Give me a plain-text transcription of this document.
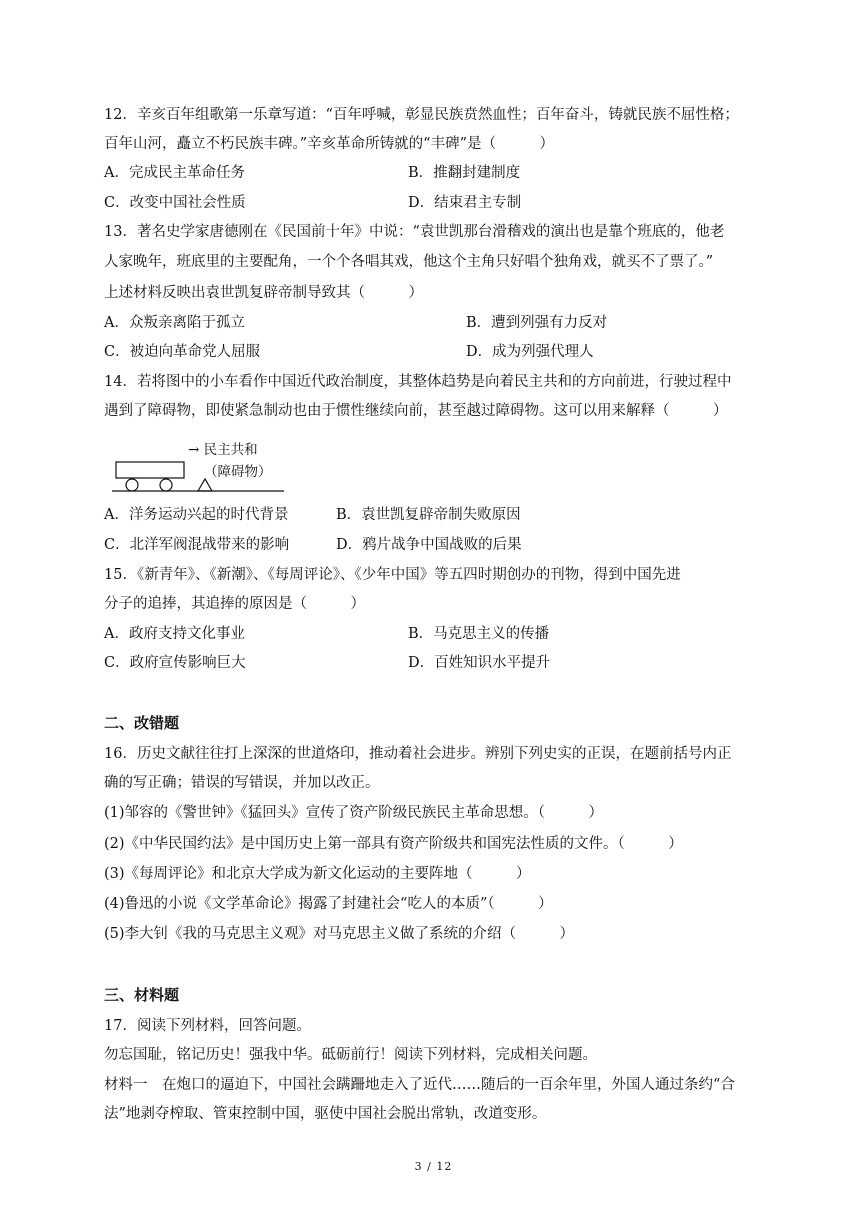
12．辛亥百年组歌第一乐章写道：“百年呼喊，彰显民族贲然血性；百年奋斗，铸就民族不屈性格；
百年山河，矗立不朽民族丰碑。”辛亥革命所铸就的“丰碑”是（　　　）
A．完成民主革命任务	B．推翻封建制度
C．改变中国社会性质	D．结束君主专制
13．著名史学家唐德刚在《民国前十年》中说：“袁世凯那台滑稽戏的演出也是靠个班底的，他老
人家晚年，班底里的主要配角，一个个各唱其戏，他这个主角只好唱个独角戏，就买不了票了。”
上述材料反映出袁世凯复辟帝制导致其（　　　）
A．众叛亲离陷于孤立	B．遭到列强有力反对
C．被迫向革命党人屈服	D．成为列强代理人
14．若将图中的小车看作中国近代政治制度，其整体趋势是向着民主共和的方向前进，行驶过程中
遇到了障碍物，即使紧急制动也由于惯性继续向前，甚至越过障碍物。这可以用来解释（　　　）
→ 民主共和
（障碍物）
A．洋务运动兴起的时代背景	B．袁世凯复辟帝制失败原因
C．北洋军阀混战带来的影响	D．鸦片战争中国战败的后果
15．《新青年》、《新潮》、《每周评论》、《少年中国》等五四时期创办的刊物，得到中国先进
分子的追捧，其追捧的原因是（　　　）
A．政府支持文化事业	B．马克思主义的传播
C．政府宣传影响巨大	D．百姓知识水平提升
二、改错题
16．历史文献往往打上深深的世道烙印，推动着社会进步。辨别下列史实的正误，在题前括号内正
确的写正确；错误的写错误，并加以改正。
(1)邹容的《警世钟》《猛回头》宣传了资产阶级民族民主革命思想。（　　　）
(2)《中华民国约法》是中国历史上第一部具有资产阶级共和国宪法性质的文件。（　　　）
(3)《每周评论》和北京大学成为新文化运动的主要阵地（　　　）
(4)鲁迅的小说《文学革命论》揭露了封建社会“吃人的本质”（　　　）
(5)李大钊《我的马克思主义观》对马克思主义做了系统的介绍（　　　）
三、材料题
17．阅读下列材料，回答问题。
勿忘国耻，铭记历史！强我中华。砥砺前行！阅读下列材料，完成相关问题。
材料一　在炮口的逼迫下，中国社会蹒跚地走入了近代……随后的一百余年里，外国人通过条约“合
法”地剥夺榨取、管束控制中国，驱使中国社会脱出常轨，改道变形。
3 / 12
